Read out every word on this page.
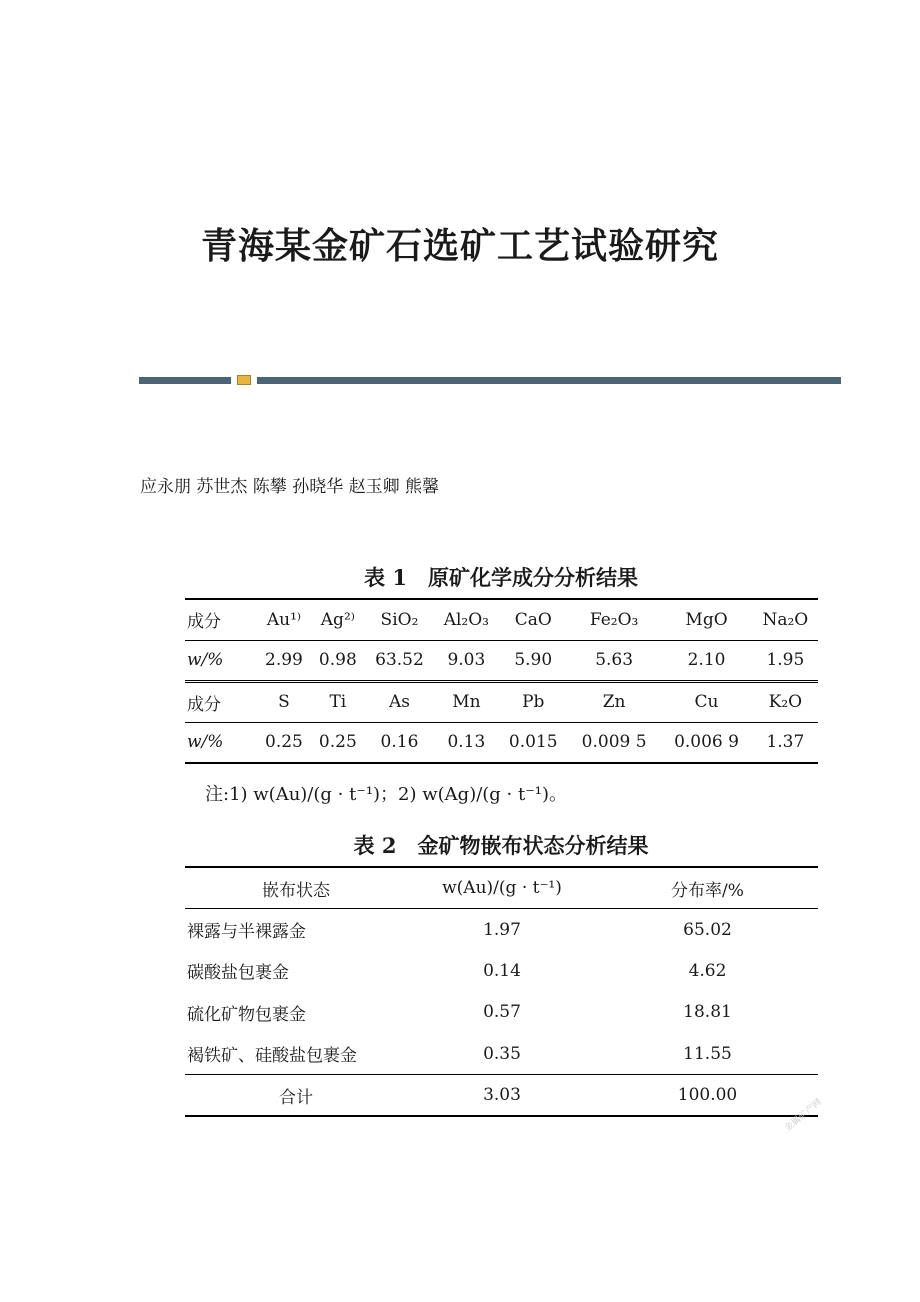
青海某金矿石选矿工艺试验研究
应永朋 苏世杰 陈攀 孙晓华 赵玉卿 熊馨
表 1　原矿化学成分分析结果
成分	Au¹⁾	Ag²⁾	SiO₂	Al₂O₃	CaO	Fe₂O₃	MgO	Na₂O
w/%	2.99	0.98	63.52	9.03	5.90	5.63	2.10	1.95
成分	S	Ti	As	Mn	Pb	Zn	Cu	K₂O
w/%	0.25	0.25	0.16	0.13	0.015	0.009 5	0.006 9	1.37
注:1) w(Au)/(g · t⁻¹)；2) w(Ag)/(g · t⁻¹)。
表 2　金矿物嵌布状态分析结果
嵌布状态	w(Au)/(g · t⁻¹)	分布率/%
裸露与半裸露金	1.97	65.02
碳酸盐包裹金	0.14	4.62
硫化矿物包裹金	0.57	18.81
褐铁矿、硅酸盐包裹金	0.35	11.55
合计	3.03	100.00
金属矿产网
